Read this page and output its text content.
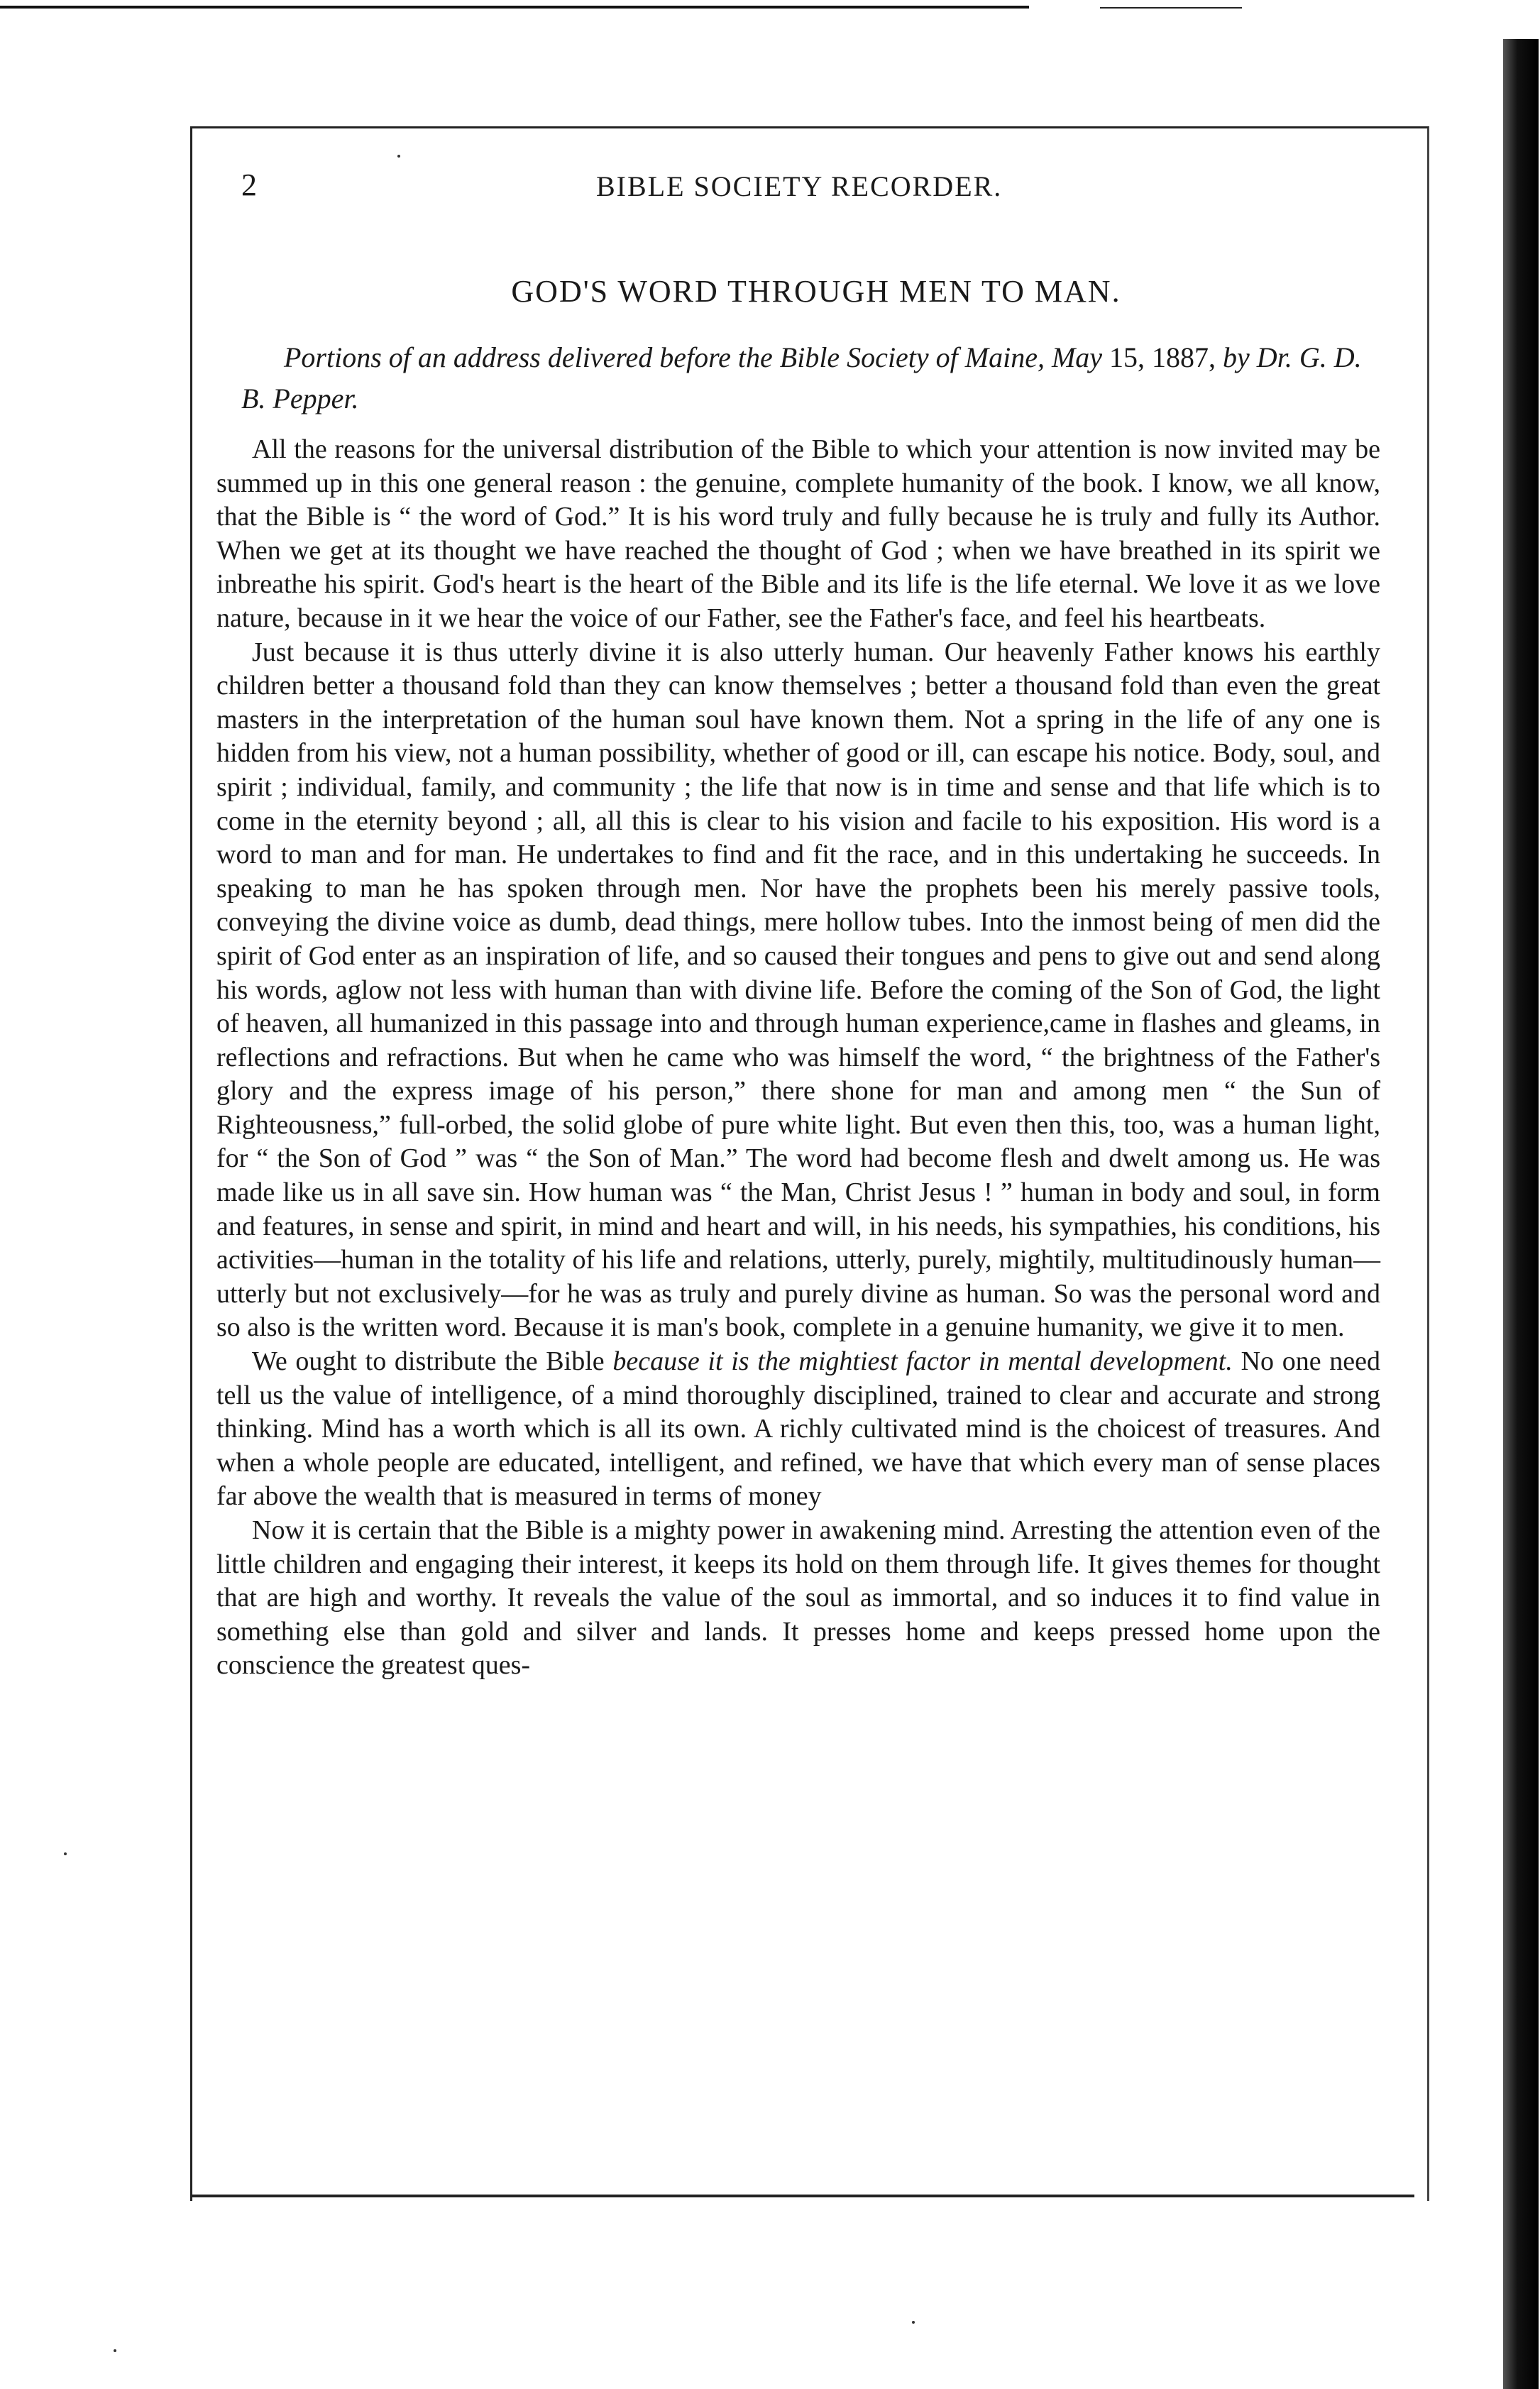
2	BIBLE SOCIETY RECORDER.
GOD'S WORD THROUGH MEN TO MAN.
Portions of an address delivered before the Bible Society of Maine, May 15, 1887, by Dr. G. D. B. Pepper.

All the reasons for the universal distribution of the Bible to which your attention is now invited may be summed up in this one general reason : the genuine, complete humanity of the book. I know, we all know, that the Bible is “ the word of God.” It is his word truly and fully because he is truly and fully its Author. When we get at its thought we have reached the thought of God ; when we have breathed in its spirit we inbreathe his spirit. God's heart is the heart of the Bible and its life is the life eternal. We love it as we love nature, because in it we hear the voice of our Father, see the Father's face, and feel his heartbeats.

Just because it is thus utterly divine it is also utterly human. Our heavenly Father knows his earthly children better a thousand fold than they can know themselves ; better a thousand fold than even the great masters in the interpretation of the human soul have known them. Not a spring in the life of any one is hidden from his view, not a human possibility, whether of good or ill, can escape his notice. Body, soul, and spirit ; individual, family, and community ; the life that now is in time and sense and that life which is to come in the eternity beyond ; all, all this is clear to his vision and facile to his exposition. His word is a word to man and for man. He undertakes to find and fit the race, and in this undertaking he succeeds. In speaking to man he has spoken through men. Nor have the prophets been his merely passive tools, conveying the divine voice as dumb, dead things, mere hollow tubes. Into the inmost being of men did the spirit of God enter as an inspiration of life, and so caused their tongues and pens to give out and send along his words, aglow not less with human than with divine life. Before the coming of the Son of God, the light of heaven, all humanized in this passage into and through human experience,came in flashes and gleams, in reflections and refractions. But when he came who was himself the word, “ the brightness of the Father's glory and the express image of his person,” there shone for man and among men “ the Sun of Righteousness,” full-orbed, the solid globe of pure white light. But even then this, too, was a human light, for “ the Son of God ” was “ the Son of Man.” The word had become flesh and dwelt among us. He was made like us in all save sin. How human was “ the Man, Christ Jesus ! ” human in body and soul, in form and features, in sense and spirit, in mind and heart and will, in his needs, his sympathies, his conditions, his activities—human in the totality of his life and relations, utterly, purely, mightily, multitudinously human—utterly but not exclusively—for he was as truly and purely divine as human. So was the personal word and so also is the written word. Because it is man's book, complete in a genuine humanity, we give it to men.

We ought to distribute the Bible because it is the mightiest factor in mental development. No one need tell us the value of intelligence, of a mind thoroughly disciplined, trained to clear and accurate and strong thinking. Mind has a worth which is all its own. A richly cultivated mind is the choicest of treasures. And when a whole people are educated, intelligent, and refined, we have that which every man of sense places far above the wealth that is measured in terms of money

Now it is certain that the Bible is a mighty power in awakening mind. Arresting the attention even of the little children and engaging their interest, it keeps its hold on them through life. It gives themes for thought that are high and worthy. It reveals the value of the soul as immortal, and so induces it to find value in something else than gold and silver and lands. It presses home and keeps pressed home upon the conscience the greatest ques-
